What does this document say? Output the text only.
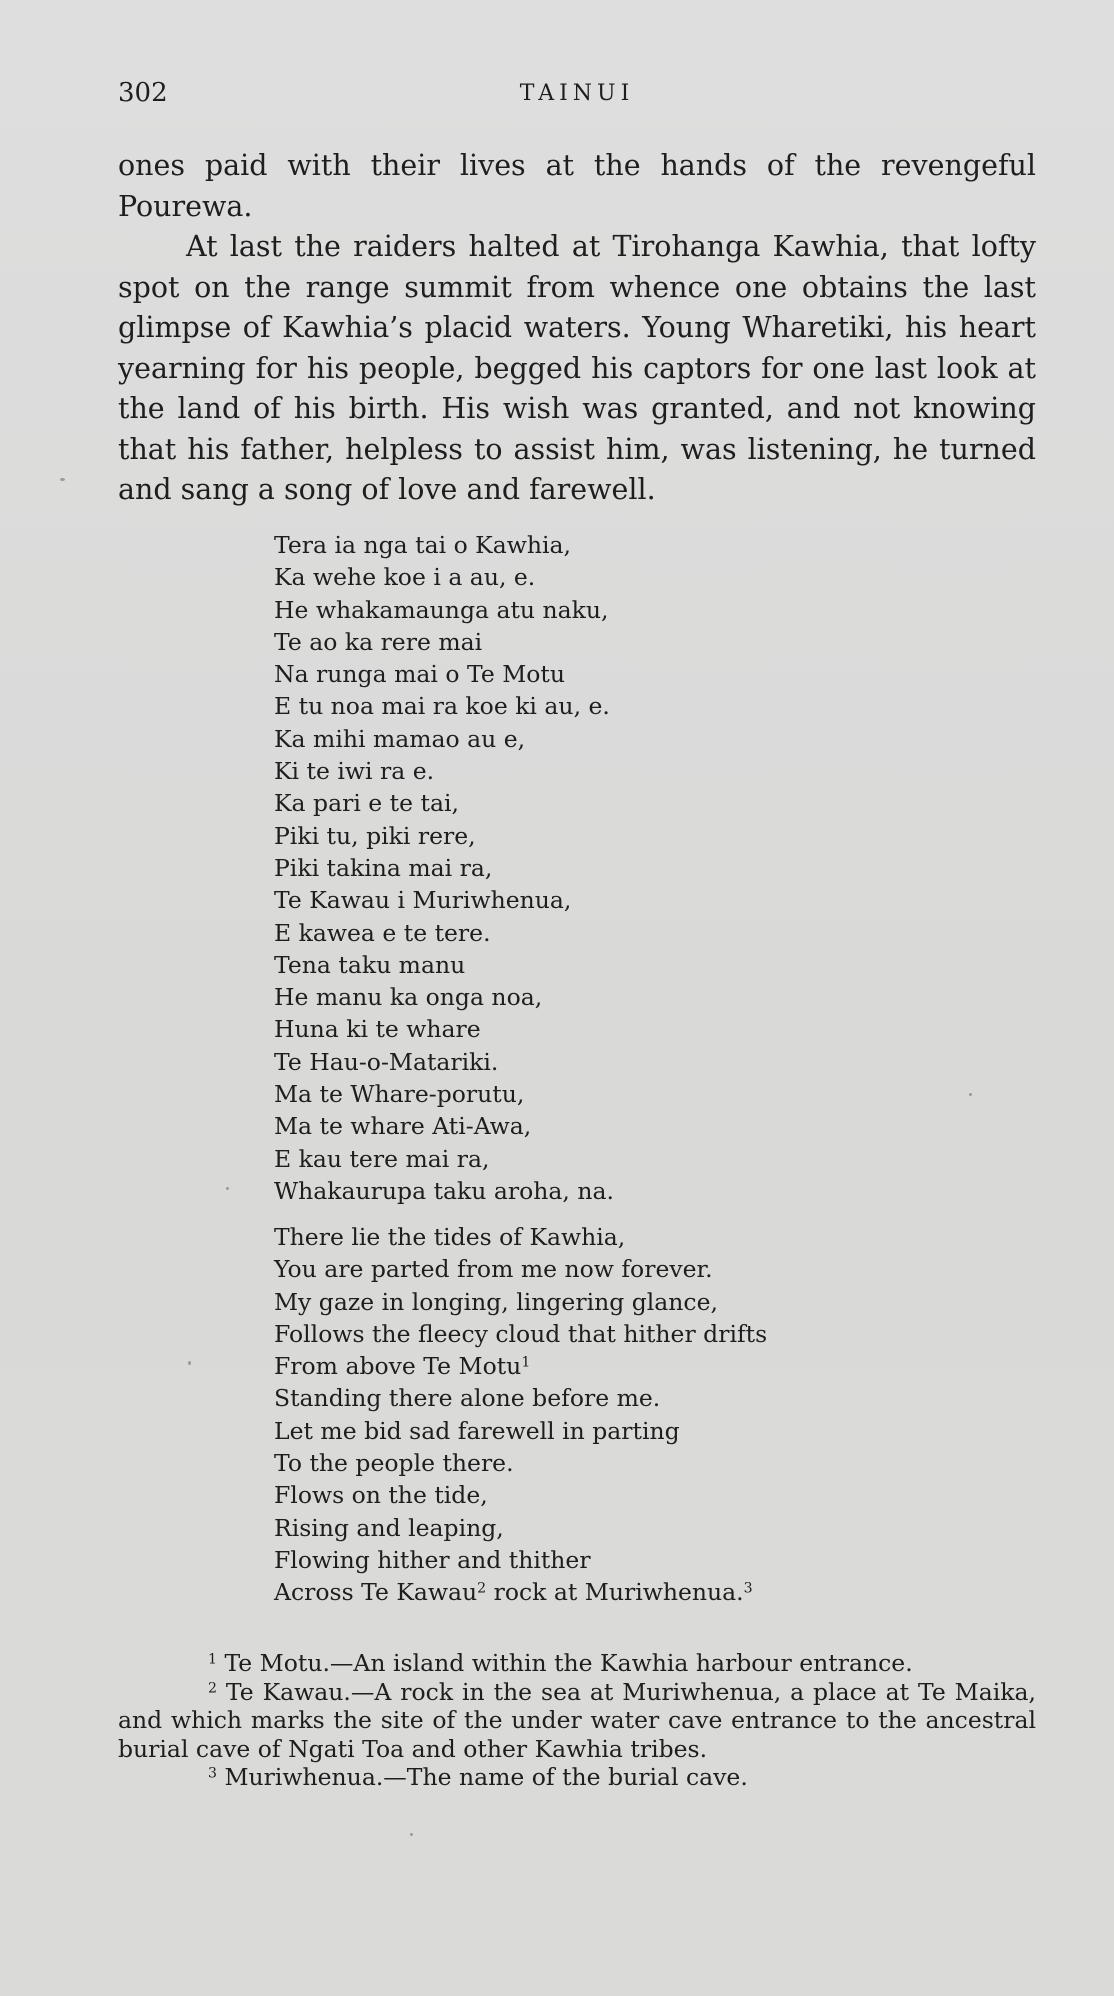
302	TAINUI

ones paid with their lives at the hands of the revengeful Pourewa.

At last the raiders halted at Tirohanga Kawhia, that lofty spot on the range summit from whence one obtains the last glimpse of Kawhia’s placid waters. Young Wharetiki, his heart yearning for his people, begged his captors for one last look at the land of his birth. His wish was granted, and not knowing that his father, helpless to assist him, was listening, he turned and sang a song of love and farewell.

Tera ia nga tai o Kawhia,
Ka wehe koe i a au, e.
He whakamaunga atu naku,
Te ao ka rere mai
Na runga mai o Te Motu
E tu noa mai ra koe ki au, e.
Ka mihi mamao au e,
Ki te iwi ra e.
Ka pari e te tai,
Piki tu, piki rere,
Piki takina mai ra,
Te Kawau i Muriwhenua,
E kawea e te tere.
Tena taku manu
He manu ka onga noa,
Huna ki te whare
Te Hau-o-Matariki.
Ma te Whare-porutu,
Ma te whare Ati-Awa,
E kau tere mai ra,
Whakaurupa taku aroha, na.
There lie the tides of Kawhia,
You are parted from me now forever.
My gaze in longing, lingering glance,
Follows the fleecy cloud that hither drifts
From above Te Motu$^1$
Standing there alone before me.
Let me bid sad farewell in parting
To the people there.
Flows on the tide,
Rising and leaping,
Flowing hither and thither
Across Te Kawau$^2$ rock at Muriwhenua.$^3$

$^1$ Te Motu.—An island within the Kawhia harbour entrance.

$^2$ Te Kawau.—A rock in the sea at Muriwhenua, a place at Te Maika, and which marks the site of the under water cave entrance to the ancestral burial cave of Ngati Toa and other Kawhia tribes.

$^3$ Muriwhenua.—The name of the burial cave.
